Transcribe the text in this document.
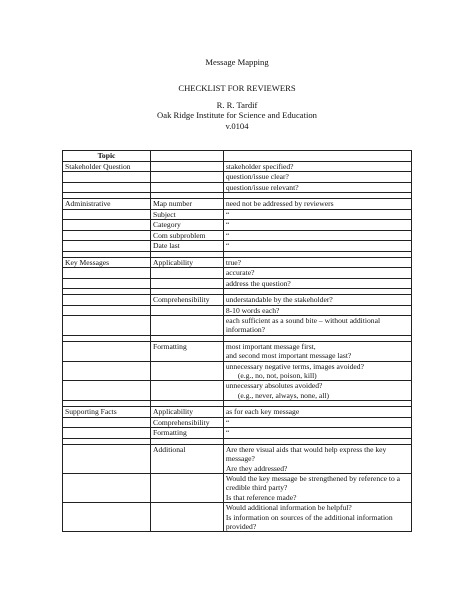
Message Mapping
CHECKLIST FOR REVIEWERS
R. R. Tardif
Oak Ridge Institute for Science and Education
v.0104
Topic		
Stakeholder Question		stakeholder specified?
		question/issue clear?
		question/issue relevant?

Administrative	Map number	need not be addressed by reviewers
	Subject	“
	Category	“
	Com subproblem	“
	Date last	“

Key Messages	Applicability	true?
		accurate?
		address the question?

	Comprehensibility	understandable by the stakeholder?
		8-10 words each?
		each sufficient as a sound bite – without additional information?

	Formatting	most important message first,
and second most important message last?
		unnecessary negative terms, images avoided?
(e.g., no, not, poison, kill)
		unnecessary absolutes avoided?
(e.g., never, always, none, all)

Supporting Facts	Applicability	as for each key message
	Comprehensibility	“
	Formatting	“

	Additional	Are there visual aids that would help express the key message?
Are they addressed?
		Would the key message be strengthened by reference to a credible third party?
Is that reference made?
		Would additional information be helpful?
Is information on sources of the additional information provided?
